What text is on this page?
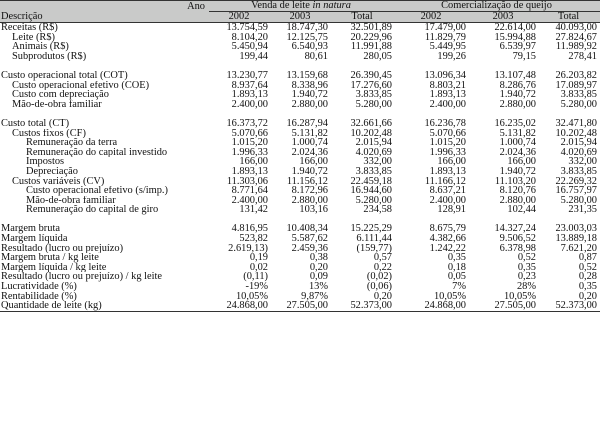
Descrição
Ano	Venda de leite in natura			Comercialização de queijo		
	2002	2003	Total	2002	2003	Total
Receitas (R$)	13.754,59	18.747,30	32.501,89	17.479,00	22.614,00	40.093,00
Leite (R$)	8.104,20	12.125,75	20.229,96	11.829,79	15.994,88	27.824,67
Animais (R$)	5.450,94	6.540,93	11.991,88	5.449,95	6.539,97	11.989,92
Subprodutos (R$)	199,44	80,61	280,05	199,26	79,15	278,41

Custo operacional total (COT)	13.230,77	13.159,68	26.390,45	13.096,34	13.107,48	26.203,82
Custo operacional efetivo (COE)	8.937,64	8.338,96	17.276,60	8.803,21	8.286,76	17.089,97
Custo com depreciação	1.893,13	1.940,72	3.833,85	1.893,13	1.940,72	3.833,85
Mão-de-obra familiar	2.400,00	2.880,00	5.280,00	2.400,00	2.880,00	5.280,00

Custo total (CT)	16.373,72	16.287,94	32.661,66	16.236,78	16.235,02	32.471,80
Custos fixos (CF)	5.070,66	5.131,82	10.202,48	5.070,66	5.131,82	10.202,48
Remuneração da terra	1.015,20	1.000,74	2.015,94	1.015,20	1.000,74	2.015,94
Remuneração do capital investido	1.996,33	2.024,36	4.020,69	1.996,33	2.024,36	4.020,69
Impostos	166,00	166,00	332,00	166,00	166,00	332,00
Depreciação	1.893,13	1.940,72	3.833,85	1.893,13	1.940,72	3.833,85
Custos variáveis (CV)	11.303,06	11.156,12	22.459,18	11.166,12	11.103,20	22.269,32
Custo operacional efetivo (s/imp.)	8.771,64	8.172,96	16.944,60	8.637,21	8.120,76	16.757,97
Mão-de-obra familiar	2.400,00	2.880,00	5.280,00	2.400,00	2.880,00	5.280,00
Remuneração do capital de giro	131,42	103,16	234,58	128,91	102,44	231,35

Margem bruta	4.816,95	10.408,34	15.225,29	8.675,79	14.327,24	23.003,03
Margem líquida	523,82	5.587,62	6.111,44	4.382,66	9.506,52	13.889,18
Resultado (lucro ou prejuízo)	2.619,13)	2.459,36	(159,77)	1.242,22	6.378,98	7.621,20
Margem bruta / kg leite	0,19	0,38	0,57	0,35	0,52	0,87
Margem líquida / kg leite	0,02	0,20	0,22	0,18	0,35	0,52
Resultado (lucro ou prejuízo) / kg leite	(0,11)	0,09	(0,02)	0,05	0,23	0,28
Lucratividade (%)	-19%	13%	(0,06)	7%	28%	0,35
Rentabilidade (%)	10,05%	9,87%	0,20	10,05%	10,05%	0,20
Quantidade de leite (kg)	24.868,00	27.505,00	52.373,00	24.868,00	27.505,00	52.373,00
